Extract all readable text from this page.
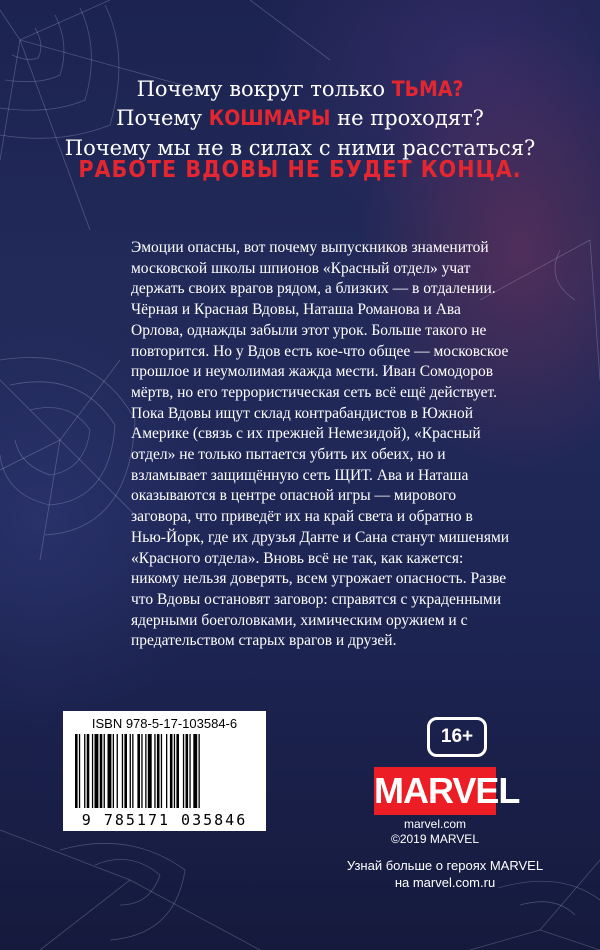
Почему вокруг только ТЬМА?
Почему КОШМАРЫ не проходят?
Почему мы не в силах с ними расстаться?
РАБОТЕ ВДОВЫ НЕ БУДЕТ КОНЦА.

Эмоции опасны, вот почему выпускников знаменитой
московской школы шпионов «Красный отдел» учат
держать своих врагов рядом, а близких — в отдалении.
Чёрная и Красная Вдовы, Наташа Романова и Ава
Орлова, однажды забыли этот урок. Больше такого не
повторится. Но у Вдов есть кое-что общее — московское
прошлое и неумолимая жажда мести. Иван Сомодоров
мёртв, но его террористическая сеть всё ещё действует.
Пока Вдовы ищут склад контрабандистов в Южной
Америке (связь с их прежней Немезидой), «Красный
отдел» не только пытается убить их обеих, но и
взламывает защищённую сеть ЩИТ. Ава и Наташа
оказываются в центре опасной игры — мирового
заговора, что приведёт их на край света и обратно в
Нью-Йорк, где их друзья Данте и Сана станут мишенями
«Красного отдела». Вновь всё не так, как кажется:
никому нельзя доверять, всем угрожает опасность. Разве
что Вдовы остановят заговор: справятся с украденными
ядерными боеголовками, химическим оружием и с
предательством старых врагов и друзей.

16+
MARVEL
marvel.com
©2019 MARVEL
ISBN 978-5-17-103584-6
9 785171 035846
Узнай больше о героях MARVEL
на marvel.com.ru
